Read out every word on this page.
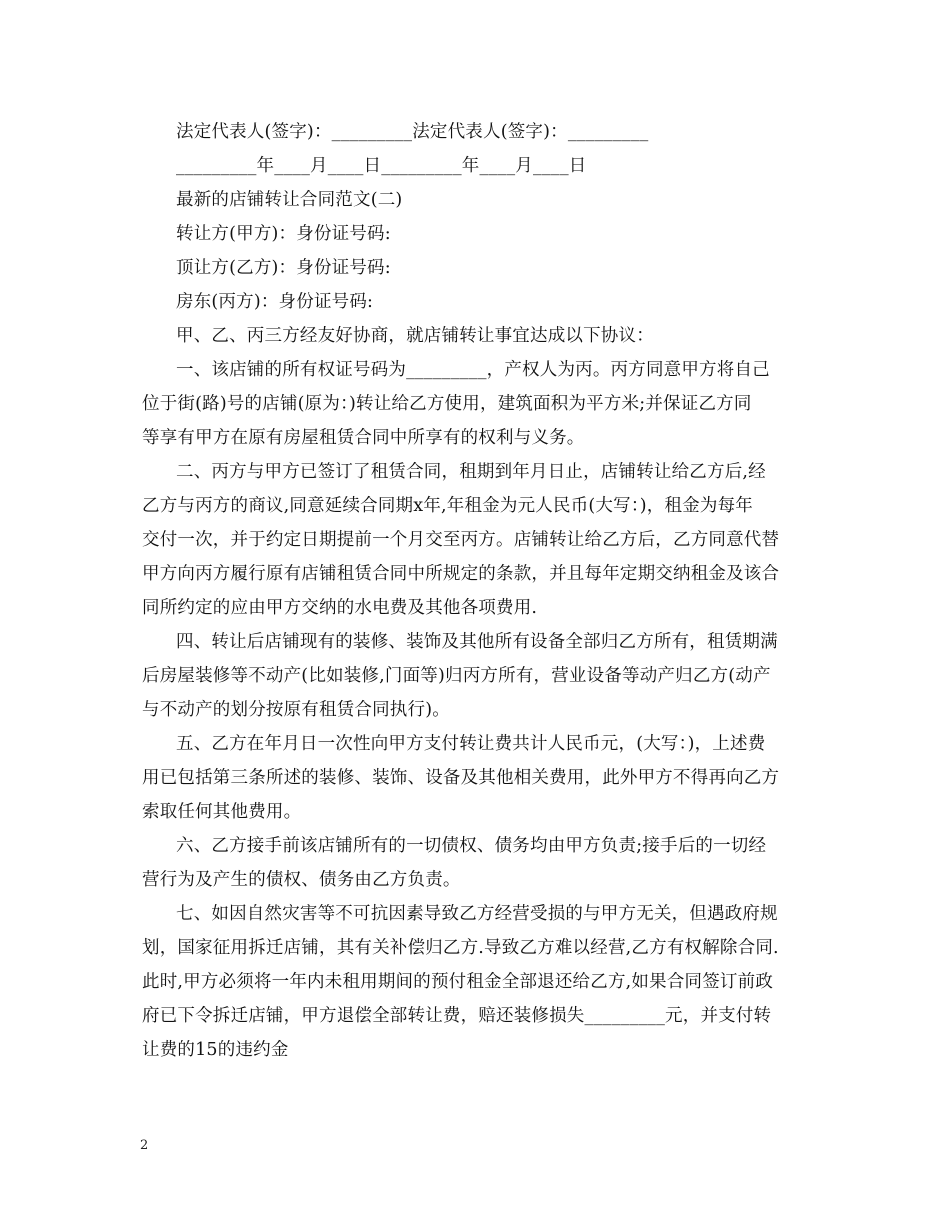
法定代表人(签字)：_________法定代表人(签字)：_________
_________年____月____日_________年____月____日
最新的店铺转让合同范文(二)
转让方(甲方)：身份证号码:
顶让方(乙方)：身份证号码:
房东(丙方)：身份证号码:
甲、乙、丙三方经友好协商，就店铺转让事宜达成以下协议：
一、该店铺的所有权证号码为_________，产权人为丙。丙方同意甲方将自己
位于街(路)号的店铺(原为：)转让给乙方使用，建筑面积为平方米;并保证乙方同
等享有甲方在原有房屋租赁合同中所享有的权利与义务。
二、丙方与甲方已签订了租赁合同，租期到年月日止，店铺转让给乙方后,经
乙方与丙方的商议,同意延续合同期x年,年租金为元人民币(大写：)，租金为每年
交付一次，并于约定日期提前一个月交至丙方。店铺转让给乙方后，乙方同意代替
甲方向丙方履行原有店铺租赁合同中所规定的条款，并且每年定期交纳租金及该合
同所约定的应由甲方交纳的水电费及其他各项费用.
四、转让后店铺现有的装修、装饰及其他所有设备全部归乙方所有，租赁期满
后房屋装修等不动产(比如装修,门面等)归丙方所有，营业设备等动产归乙方(动产
与不动产的划分按原有租赁合同执行)。
五、乙方在年月日一次性向甲方支付转让费共计人民币元，(大写：)，上述费
用已包括第三条所述的装修、装饰、设备及其他相关费用，此外甲方不得再向乙方
索取任何其他费用。
六、乙方接手前该店铺所有的一切债权、债务均由甲方负责;接手后的一切经
营行为及产生的债权、债务由乙方负责。
七、如因自然灾害等不可抗因素导致乙方经营受损的与甲方无关，但遇政府规
划，国家征用拆迁店铺，其有关补偿归乙方.导致乙方难以经营,乙方有权解除合同.
此时,甲方必须将一年内未租用期间的预付租金全部退还给乙方,如果合同签订前政
府已下令拆迁店铺，甲方退偿全部转让费，赔还装修损失_________元，并支付转
让费的15的违约金
2
